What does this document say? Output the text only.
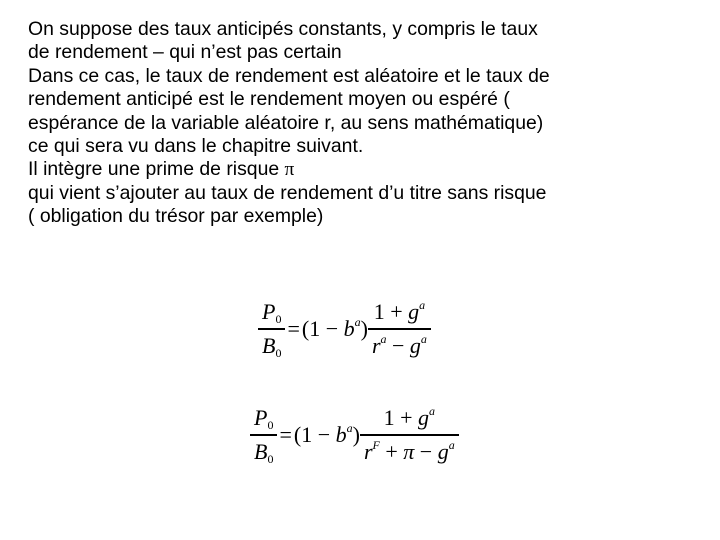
On suppose des taux anticipés constants, y compris le taux
de rendement – qui n’est pas certain
Dans ce cas, le taux de rendement est aléatoire et le taux de
rendement anticipé est le rendement moyen ou espéré (
espérance de la variable aléatoire r, au sens mathématique)
ce qui sera vu dans le chapitre suivant.
Il intègre une prime de risque π
qui vient s’ajouter au taux de rendement d’u titre sans risque
( obligation du trésor par exemple)
$\frac{P_0}{B_0} = (1 - b^a) \frac{1 + g^a}{r^a - g^a}$
$\frac{P_0}{B_0} = (1 - b^a) \frac{1 + g^a}{r^F + \pi - g^a}$
